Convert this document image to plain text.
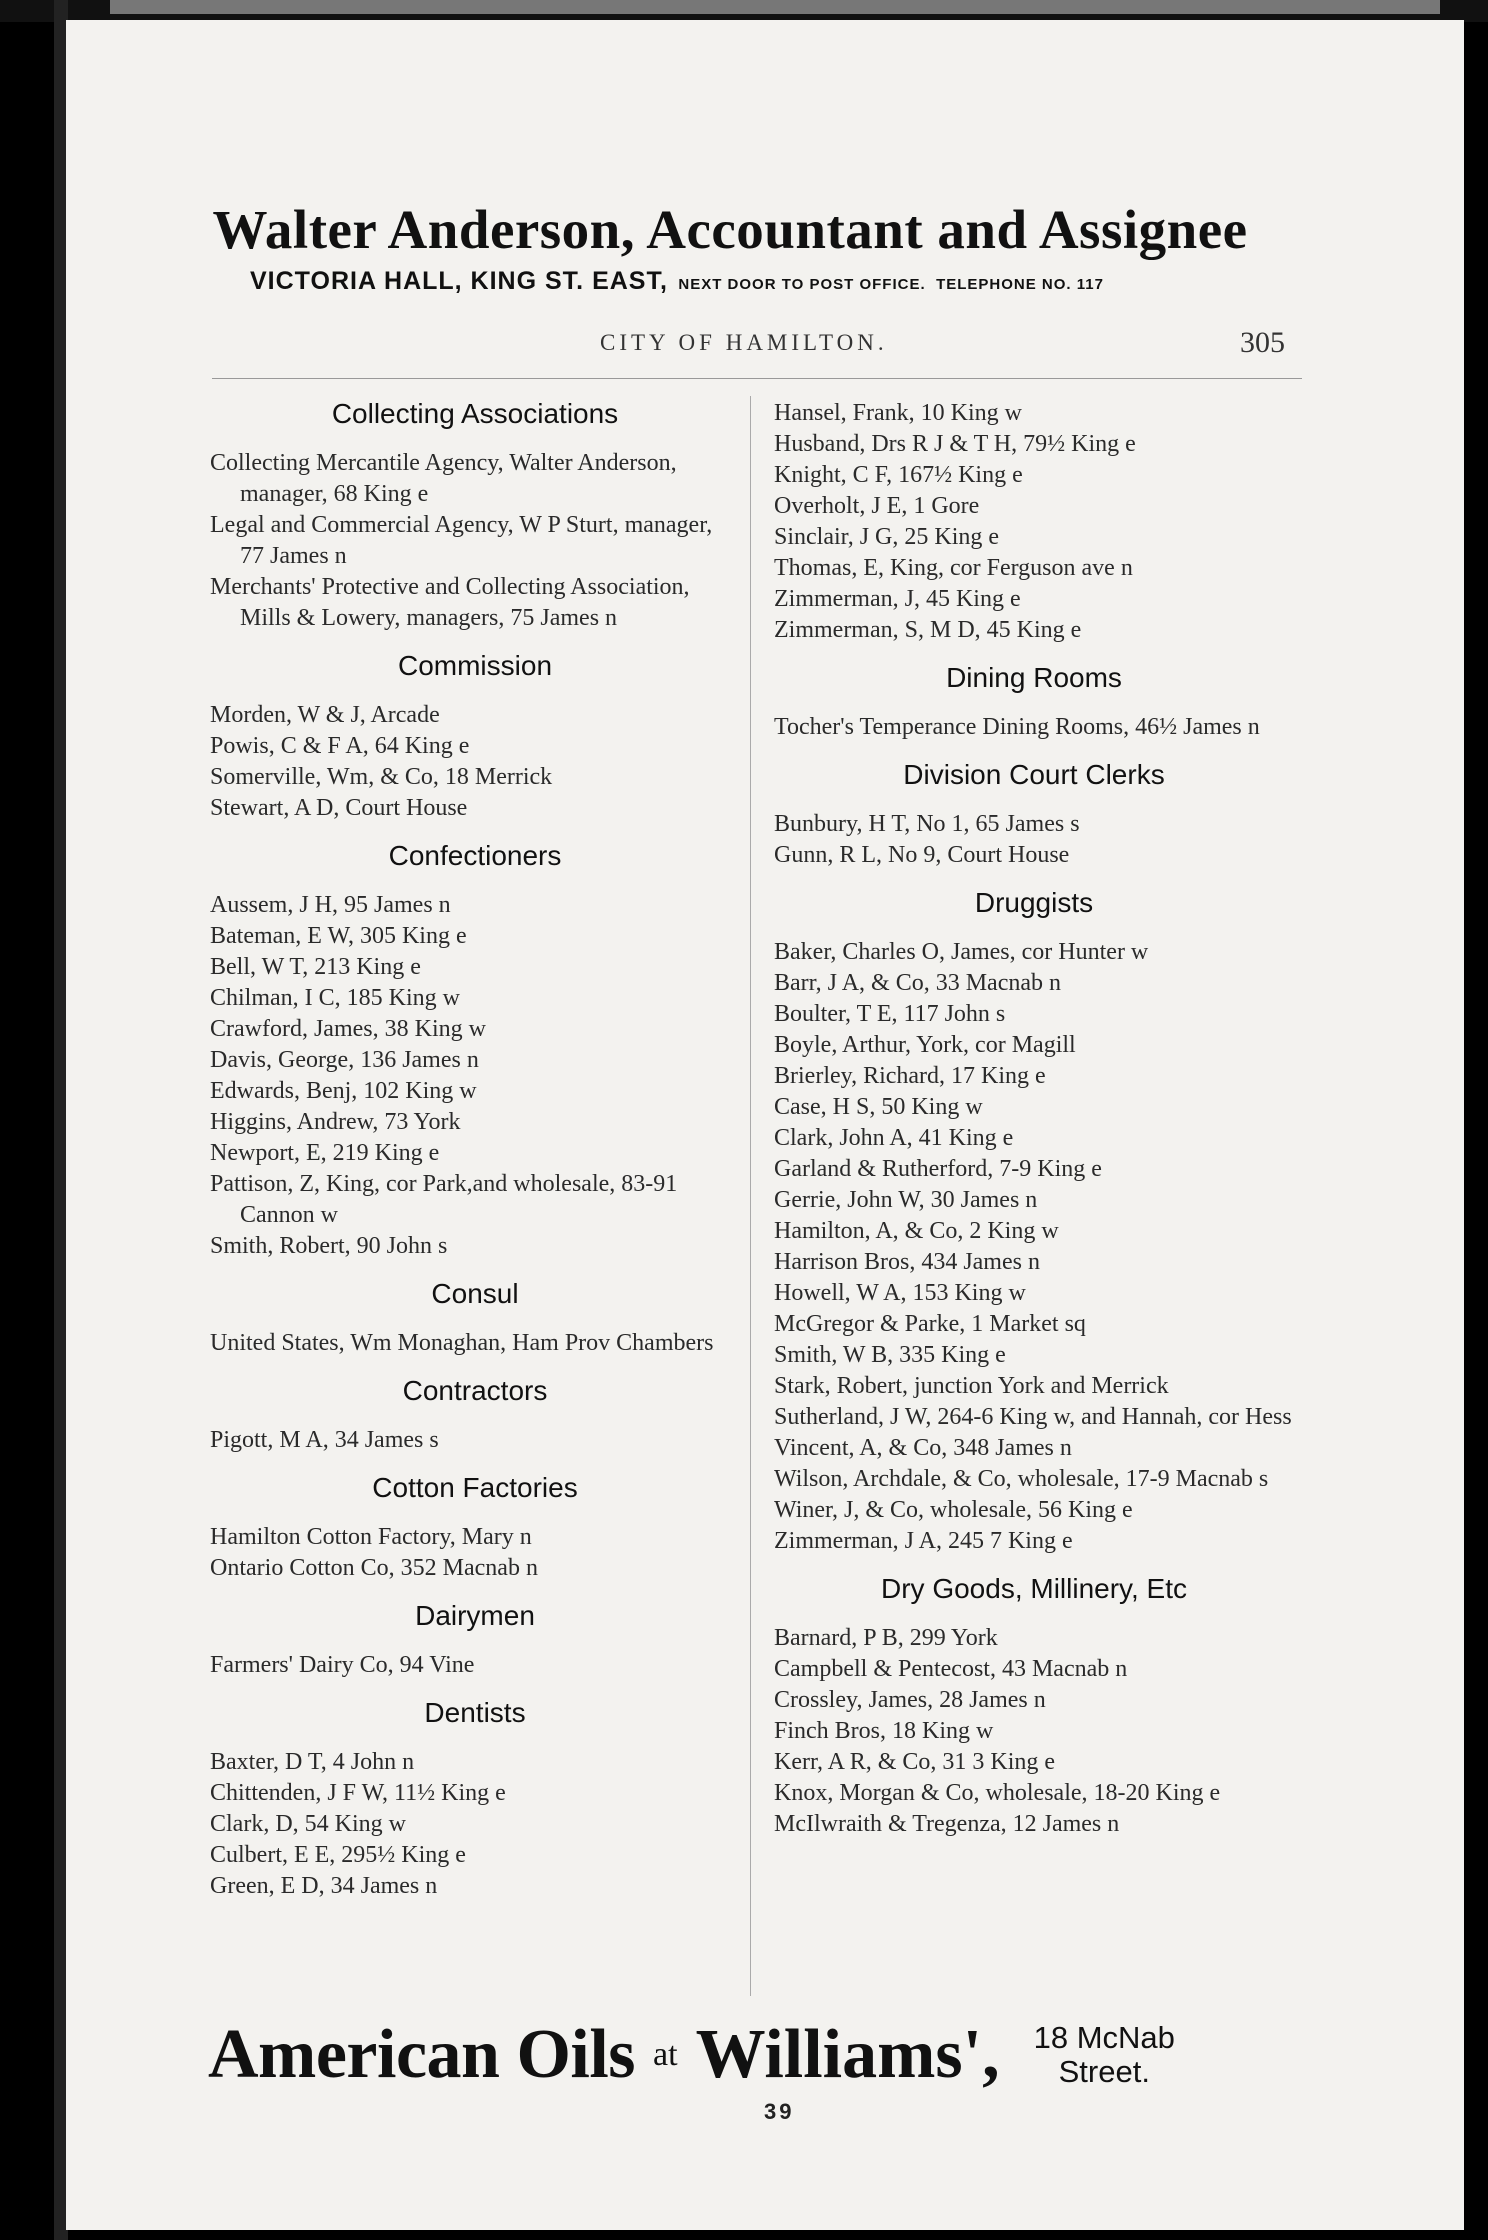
Walter Anderson, Accountant and Assignee
VICTORIA HALL, KING ST. EAST, NEXT DOOR TO POST OFFICE. TELEPHONE NO. 117
CITY OF HAMILTON.	305
Collecting Associations
Collecting Mercantile Agency, Walter Anderson, manager, 68 King e
Legal and Commercial Agency, W P Sturt, manager, 77 James n
Merchants' Protective and Collecting Association, Mills & Lowery, managers, 75 James n
Commission
Morden, W & J, Arcade
Powis, C & F A, 64 King e
Somerville, Wm, & Co, 18 Merrick
Stewart, A D, Court House
Confectioners
Aussem, J H, 95 James n
Bateman, E W, 305 King e
Bell, W T, 213 King e
Chilman, I C, 185 King w
Crawford, James, 38 King w
Davis, George, 136 James n
Edwards, Benj, 102 King w
Higgins, Andrew, 73 York
Newport, E, 219 King e
Pattison, Z, King, cor Park,and wholesale, 83-91 Cannon w
Smith, Robert, 90 John s
Consul
United States, Wm Monaghan, Ham Prov Chambers
Contractors
Pigott, M A, 34 James s
Cotton Factories
Hamilton Cotton Factory, Mary n
Ontario Cotton Co, 352 Macnab n
Dairymen
Farmers' Dairy Co, 94 Vine
Dentists
Baxter, D T, 4 John n
Chittenden, J F W, 11½ King e
Clark, D, 54 King w
Culbert, E E, 295½ King e
Green, E D, 34 James n
Hansel, Frank, 10 King w
Husband, Drs R J & T H, 79½ King e
Knight, C F, 167½ King e
Overholt, J E, 1 Gore
Sinclair, J G, 25 King e
Thomas, E, King, cor Ferguson ave n
Zimmerman, J, 45 King e
Zimmerman, S, M D, 45 King e
Dining Rooms
Tocher's Temperance Dining Rooms, 46½ James n
Division Court Clerks
Bunbury, H T, No 1, 65 James s
Gunn, R L, No 9, Court House
Druggists
Baker, Charles O, James, cor Hunter w
Barr, J A, & Co, 33 Macnab n
Boulter, T E, 117 John s
Boyle, Arthur, York, cor Magill
Brierley, Richard, 17 King e
Case, H S, 50 King w
Clark, John A, 41 King e
Garland & Rutherford, 7-9 King e
Gerrie, John W, 30 James n
Hamilton, A, & Co, 2 King w
Harrison Bros, 434 James n
Howell, W A, 153 King w
McGregor & Parke, 1 Market sq
Smith, W B, 335 King e
Stark, Robert, junction York and Merrick
Sutherland, J W, 264-6 King w, and Hannah, cor Hess
Vincent, A, & Co, 348 James n
Wilson, Archdale, & Co, wholesale, 17-9 Macnab s
Winer, J, & Co, wholesale, 56 King e
Zimmerman, J A, 245 7 King e
Dry Goods, Millinery, Etc
Barnard, P B, 299 York
Campbell & Pentecost, 43 Macnab n
Crossley, James, 28 James n
Finch Bros, 18 King w
Kerr, A R, & Co, 31 3 King e
Knox, Morgan & Co, wholesale, 18-20 King e
McIlwraith & Tregenza, 12 James n
American Oils at Williams', 18 McNab
Street.
39
